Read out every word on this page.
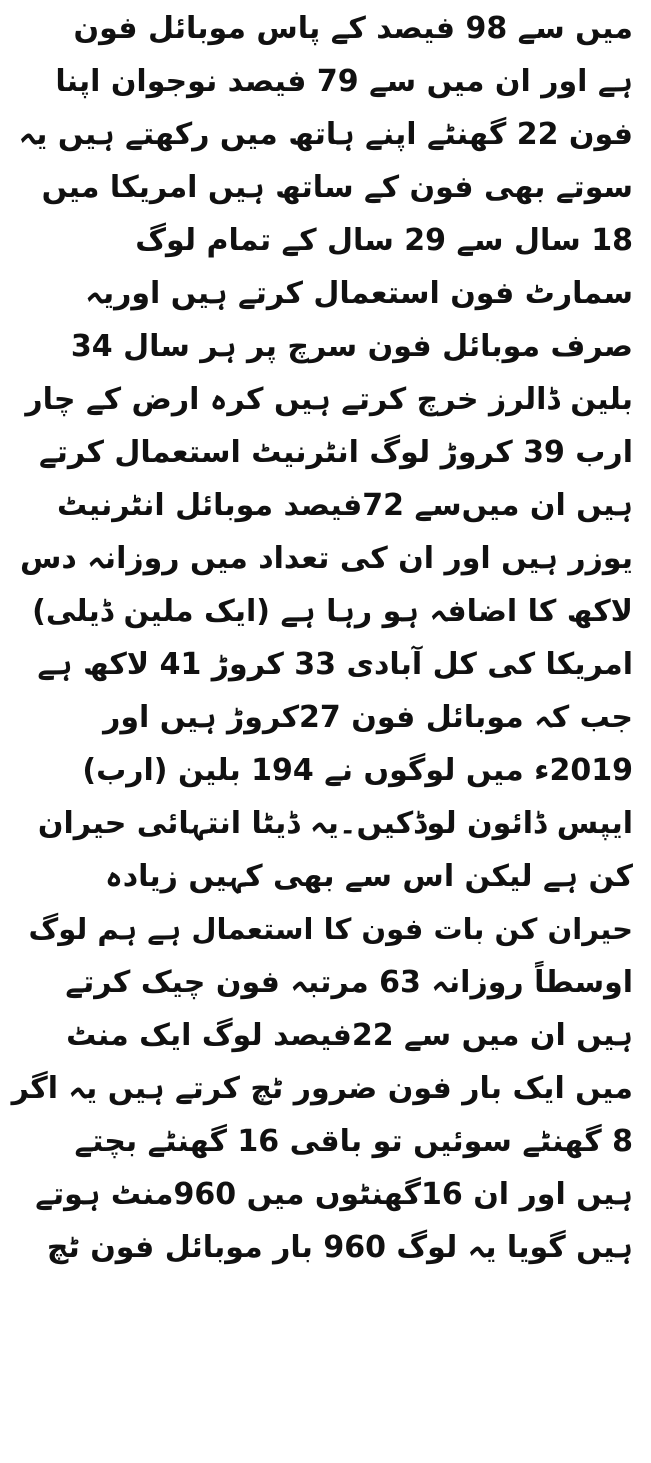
میں سے 98 فیصد کے پاس موبائل فون
ہے اور ان میں سے 79 فیصد نوجوان اپنا
فون 22 گھنٹے اپنے ہاتھ میں رکھتے ہیں یہ
سوتے بھی فون کے ساتھ ہیں امریکا میں
18 سال سے 29 سال کے تمام لوگ
سمارٹ فون استعمال کرتے ہیں اوریہ
صرف موبائل فون سرچ پر ہر سال 34
بلین ڈالرز خرچ کرتے ہیں کرہ ارض کے چار
ارب 39 کروڑ لوگ انٹرنیٹ استعمال کرتے
ہیں ان میں‌سے 72فیصد موبائل انٹرنیٹ
یوزر ہیں اور ان کی تعداد میں روزانہ دس
لاکھ کا اضافہ ہو رہا ہے (ایک ملین ڈیلی)
امریکا کی کل آبادی 33 کروڑ 41 لاکھ ہے
جب کہ موبائل فون 27کروڑ ہیں اور
2019ء میں لوگوں نے 194 بلین (ارب)
ایپس ڈائون لوڈکیں۔یہ ڈیٹا انتہائی حیران
کن ہے لیکن اس سے بھی کہیں زیادہ
حیران کن بات فون کا استعمال ہے ہم لوگ
اوسطاً روزانہ 63 مرتبہ فون چیک کرتے
ہیں ان میں سے 22فیصد لوگ ایک منٹ
میں ایک بار فون ضرور ٹچ کرتے ہیں یہ اگر
8 گھنٹے سوئیں تو باقی 16 گھنٹے بچتے
ہیں اور ان 16گھنٹوں میں 960منٹ ہوتے
ہیں گویا یہ لوگ 960 بار موبائل فون ٹچ
